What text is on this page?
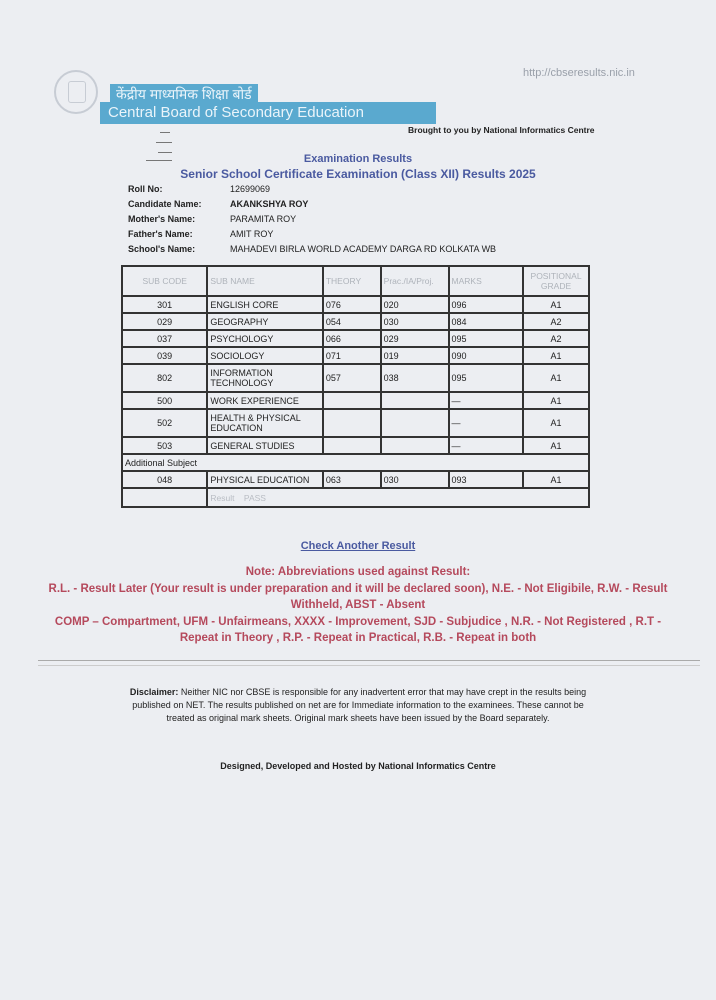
http://cbseresults.nic.in
केंद्रीय माध्यमिक शिक्षा बोर्ड
Central Board of Secondary Education
Brought to you by National Informatics Centre
Examination Results
Senior School Certificate Examination (Class XII) Results 2025
Roll No:	12699069
Candidate Name:	AKANKSHYA ROY
Mother's Name:	PARAMITA ROY
Father's Name:	AMIT ROY
School's Name:	MAHADEVI BIRLA WORLD ACADEMY DARGA RD KOLKATA WB
SUB CODE	SUB NAME	THEORY	Prac./IA/Proj.	MARKS	POSITIONAL GRADE
301	ENGLISH CORE	076	020	096	A1
029	GEOGRAPHY	054	030	084	A2
037	PSYCHOLOGY	066	029	095	A2
039	SOCIOLOGY	071	019	090	A1
802	INFORMATION TECHNOLOGY	057	038	095	A1
500	WORK EXPERIENCE			—	A1
502	HEALTH & PHYSICAL EDUCATION			—	A1
503	GENERAL STUDIES			—	A1
Additional Subject					
048	PHYSICAL EDUCATION	063	030	093	A1
	Result PASS				
Check Another Result
Note: Abbreviations used against Result:
R.L. - Result Later (Your result is under preparation and it will be declared soon), N.E. - Not Eligibile, R.W. - Result Withheld, ABST - Absent
COMP – Compartment, UFM - Unfairmeans, XXXX - Improvement, SJD - Subjudice , N.R. - Not Registered , R.T - Repeat in Theory , R.P. - Repeat in Practical, R.B. - Repeat in both
Disclaimer: Neither NIC nor CBSE is responsible for any inadvertent error that may have crept in the results being published on NET. The results published on net are for Immediate information to the examinees. These cannot be treated as original mark sheets. Original mark sheets have been issued by the Board separately.
Designed, Developed and Hosted by National Informatics Centre
